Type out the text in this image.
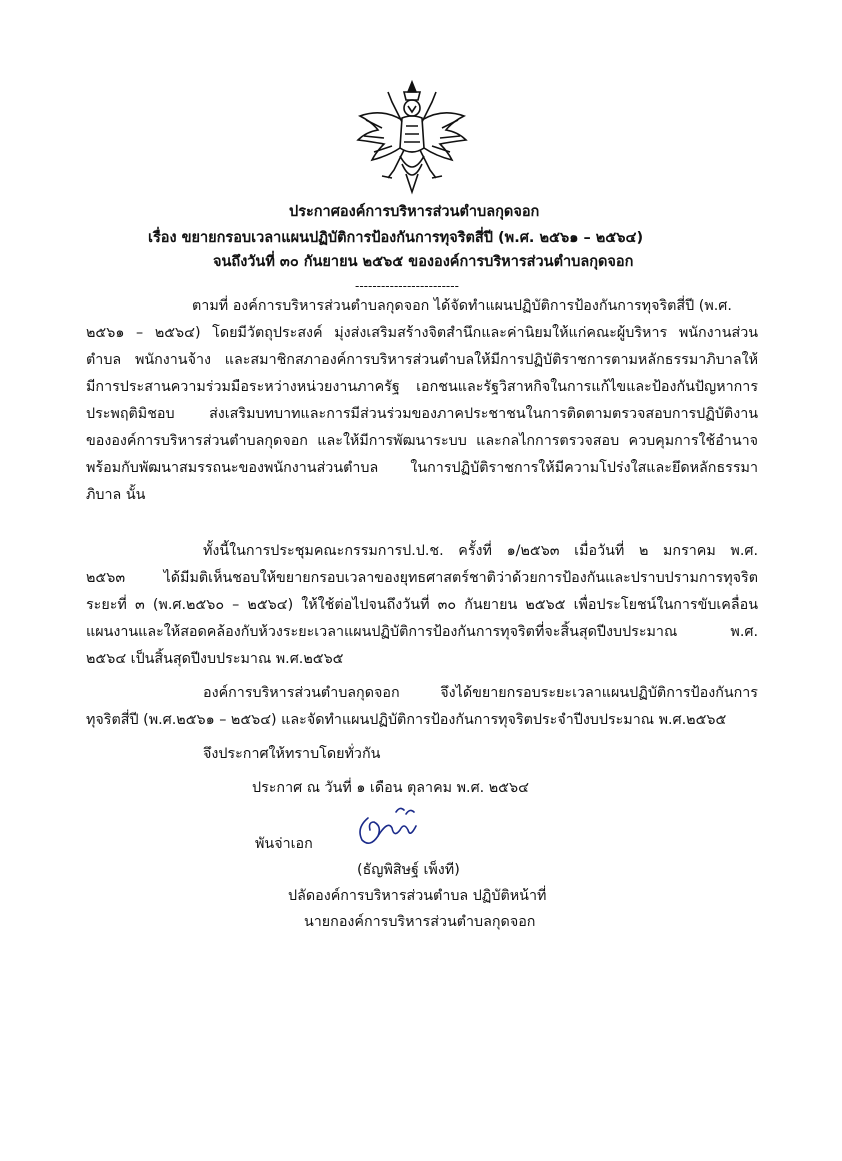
ประกาศองค์การบริหารส่วนตำบลกุดจอก
เรื่อง ขยายกรอบเวลาแผนปฏิบัติการป้องกันการทุจริตสี่ปี (พ.ศ. ๒๕๖๑ – ๒๕๖๔)
จนถึงวันที่ ๓๐ กันยายน ๒๕๖๕ ขององค์การบริหารส่วนตำบลกุดจอก
------------------------
ตามที่ องค์การบริหารส่วนตำบลกุดจอก ได้จัดทำแผนปฏิบัติการป้องกันการทุจริตสี่ปี (พ.ศ.
๒๕๖๑ – ๒๕๖๔) โดยมีวัตถุประสงค์ มุ่งส่งเสริมสร้างจิตสำนึกและค่านิยมให้แก่คณะผู้บริหาร พนักงานส่วน
ตำบล พนักงานจ้าง และสมาชิกสภาองค์การบริหารส่วนตำบลให้มีการปฏิบัติราชการตามหลักธรรมาภิบาลให้
มีการประสานความร่วมมือระหว่างหน่วยงานภาครัฐ เอกชนและรัฐวิสาหกิจในการแก้ไขและป้องกันปัญหาการ
ประพฤติมิชอบ ส่งเสริมบทบาทและการมีส่วนร่วมของภาคประชาชนในการติดตามตรวจสอบการปฏิบัติงาน
ขององค์การบริหารส่วนตำบลกุดจอก และให้มีการพัฒนาระบบ และกลไกการตรวจสอบ ควบคุมการใช้อำนาจ
พร้อมกับพัฒนาสมรรถนะของพนักงานส่วนตำบล ในการปฏิบัติราชการให้มีความโปร่งใสและยึดหลักธรรมา
ภิบาล นั้น
ทั้งนี้ในการประชุมคณะกรรมการป.ป.ช. ครั้งที่ ๑/๒๕๖๓ เมื่อวันที่ ๒ มกราคม พ.ศ.
๒๕๖๓ ได้มีมติเห็นชอบให้ขยายกรอบเวลาของยุทธศาสตร์ชาติว่าด้วยการป้องกันและปราบปรามการทุจริต
ระยะที่ ๓ (พ.ศ.๒๕๖๐ – ๒๕๖๔) ให้ใช้ต่อไปจนถึงวันที่ ๓๐ กันยายน ๒๕๖๕ เพื่อประโยชน์ในการขับเคลื่อน
แผนงานและให้สอดคล้องกับห้วงระยะเวลาแผนปฏิบัติการป้องกันการทุจริตที่จะสิ้นสุดปีงบประมาณ พ.ศ.
๒๕๖๔ เป็นสิ้นสุดปีงบประมาณ พ.ศ.๒๕๖๕
องค์การบริหารส่วนตำบลกุดจอก จึงได้ขยายกรอบระยะเวลาแผนปฏิบัติการป้องกันการ
ทุจริตสี่ปี (พ.ศ.๒๕๖๑ – ๒๕๖๔) และจัดทำแผนปฏิบัติการป้องกันการทุจริตประจำปีงบประมาณ พ.ศ.๒๕๖๕
จึงประกาศให้ทราบโดยทั่วกัน
ประกาศ ณ วันที่ ๑ เดือน ตุลาคม พ.ศ. ๒๕๖๔
พันจ่าเอก
(ธัญพิสิษฐ์ เพ็งที)
ปลัดองค์การบริหารส่วนตำบล ปฏิบัติหน้าที่
นายกองค์การบริหารส่วนตำบลกุดจอก
